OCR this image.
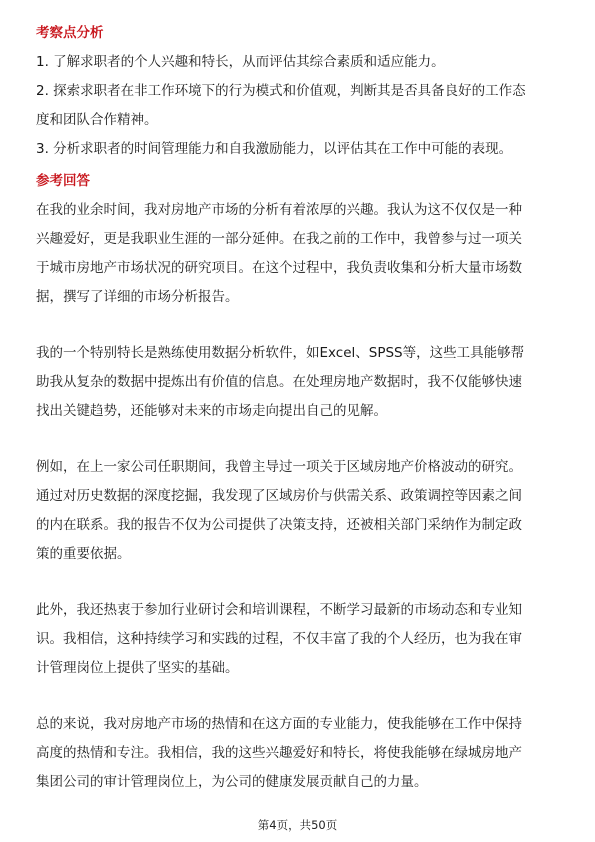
考察点分析
1. 了解求职者的个人兴趣和特长，从而评估其综合素质和适应能力。
2. 探索求职者在非工作环境下的行为模式和价值观，判断其是否具备良好的工作态
度和团队合作精神。
3. 分析求职者的时间管理能力和自我激励能力，以评估其在工作中可能的表现。
参考回答
在我的业余时间，我对房地产市场的分析有着浓厚的兴趣。我认为这不仅仅是一种
兴趣爱好，更是我职业生涯的一部分延伸。在我之前的工作中，我曾参与过一项关
于城市房地产市场状况的研究项目。在这个过程中，我负责收集和分析大量市场数
据，撰写了详细的市场分析报告。
我的一个特别特长是熟练使用数据分析软件，如Excel、SPSS等，这些工具能够帮
助我从复杂的数据中提炼出有价值的信息。在处理房地产数据时，我不仅能够快速
找出关键趋势，还能够对未来的市场走向提出自己的见解。
例如，在上一家公司任职期间，我曾主导过一项关于区域房地产价格波动的研究。
通过对历史数据的深度挖掘，我发现了区域房价与供需关系、政策调控等因素之间
的内在联系。我的报告不仅为公司提供了决策支持，还被相关部门采纳作为制定政
策的重要依据。
此外，我还热衷于参加行业研讨会和培训课程，不断学习最新的市场动态和专业知
识。我相信，这种持续学习和实践的过程，不仅丰富了我的个人经历，也为我在审
计管理岗位上提供了坚实的基础。
总的来说，我对房地产市场的热情和在这方面的专业能力，使我能够在工作中保持
高度的热情和专注。我相信，我的这些兴趣爱好和特长，将使我能够在绿城房地产
集团公司的审计管理岗位上，为公司的健康发展贡献自己的力量。
第4页，共50页
